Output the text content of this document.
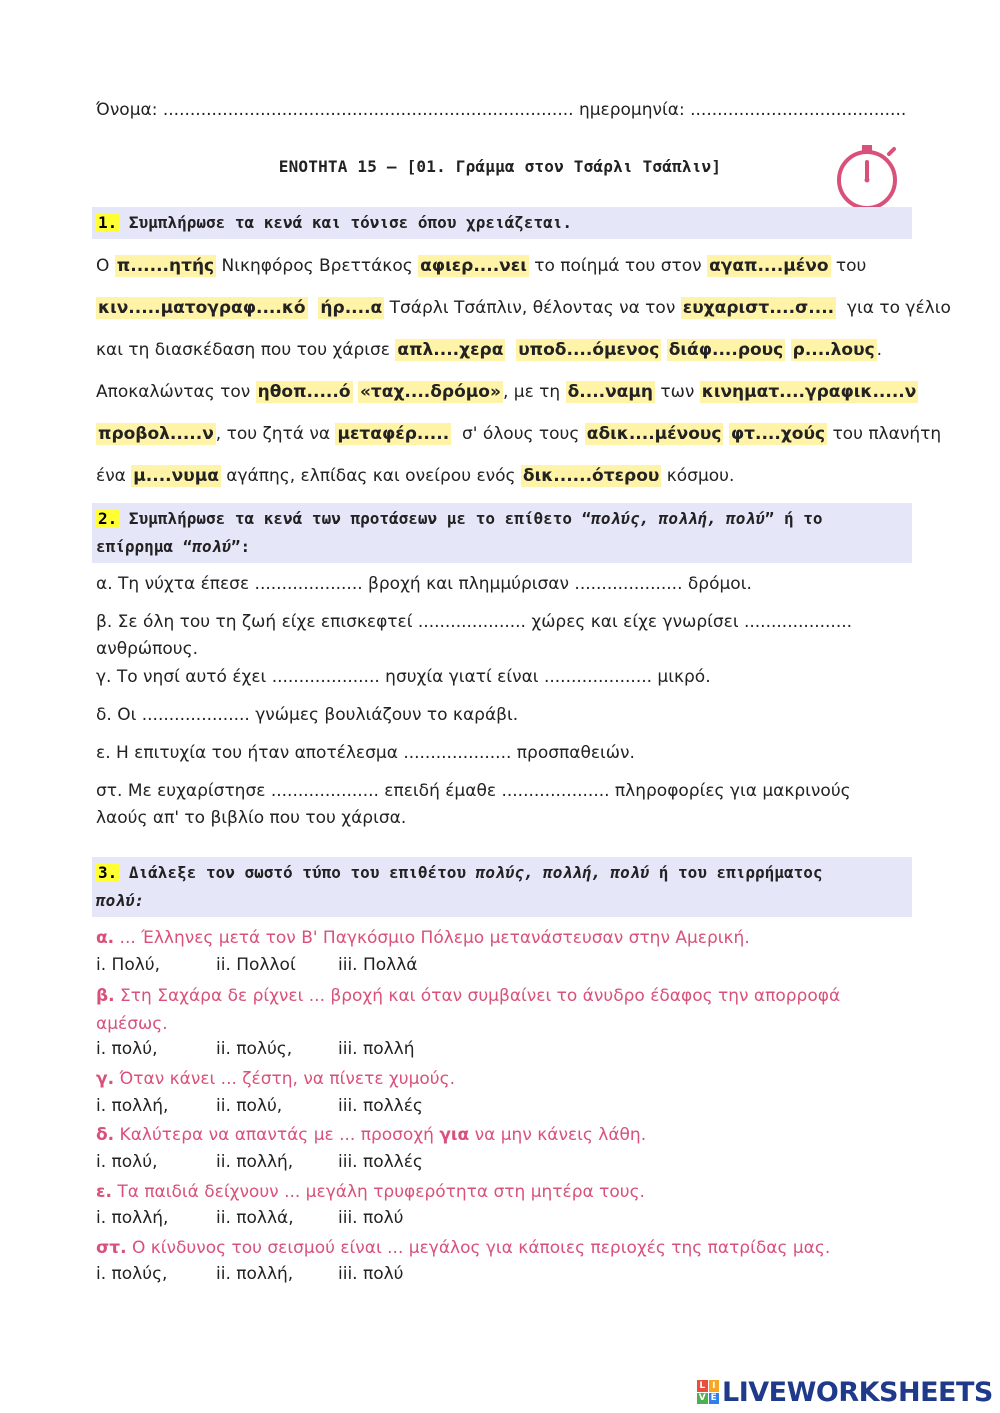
Όνομα: ............................................................................ ημερομηνία: ........................................
ΕΝΟΤΗΤΑ 15 – [01. Γράμμα στον Τσάρλι Τσάπλιν]
1. Συμπλήρωσε τα κενά και τόνισε όπου χρειάζεται.
Ο π......ητής Νικηφόρος Βρεττάκος αφιερ....νει το ποίημά του στον αγαπ....μένο του
κιν.....ματογραφ....κό ήρ....α Τσάρλι Τσάπλιν, θέλοντας να τον ευχαριστ....σ....  για το γέλιο
και τη διασκέδαση που του χάρισε απλ....χερα υποδ....όμενος διάφ....ρους ρ....λους .
Αποκαλώντας τον ηθοπ.....ό «ταχ....δρόμο» , με τη δ....ναμη των κινηματ....γραφικ.....ν
προβολ.....ν , του ζητά να μεταφέρ.....  σ' όλους τους αδικ....μένους φτ....χούς του πλανήτη
ένα μ....νυμα αγάπης, ελπίδας και ονείρου ενός δικ......ότερου κόσμου.
2. Συμπλήρωσε τα κενά των προτάσεων με το επίθετο “πολύς, πολλή, πολύ” ή το
επίρρημα “πολύ”:
α. Τη νύχτα έπεσε .................... βροχή και πλημμύρισαν .................... δρόμοι.
β. Σε όλη του τη ζωή είχε επισκεφτεί .................... χώρες και είχε γνωρίσει .................... ανθρώπους.
γ. Το νησί αυτό έχει .................... ησυχία γιατί είναι .................... μικρό.
δ. Οι .................... γνώμες βουλιάζουν το καράβι.
ε. Η επιτυχία του ήταν αποτέλεσμα .................... προσπαθειών.
στ. Με ευχαρίστησε .................... επειδή έμαθε .................... πληροφορίες για μακρινούς λαούς απ' το βιβλίο που του χάρισα.
3. Διάλεξε τον σωστό τύπο του επιθέτου πολύς, πολλή, πολύ ή του επιρρήματος
πολύ:
α. ... Έλληνες μετά τον Β' Παγκόσμιο Πόλεμο μετανάστευσαν στην Αμερική.
i. Πολύ,	ii. Πολλοί iii. Πολλά
β. Στη Σαχάρα δε ρίχνει ... βροχή και όταν συμβαίνει το άνυδρο έδαφος την απορροφά αμέσως.
i. πολύ,	ii. πολύς,	iii. πολλή
γ. Όταν κάνει ... ζέστη, να πίνετε χυμούς.
i. πολλή,	ii. πολύ,	iii. πολλές
δ. Καλύτερα να απαντάς με ... προσοχή για να μην κάνεις λάθη.
i. πολύ,	ii. πολλή,	iii. πολλές
ε. Τα παιδιά δείχνουν ... μεγάλη τρυφερότητα στη μητέρα τους.
i. πολλή,	ii. πολλά,	iii. πολύ
στ. Ο κίνδυνος του σεισμού είναι ... μεγάλος για κάποιες περιοχές της πατρίδας μας.
i. πολύς,	ii. πολλή,	iii. πολύ
L I
V E LIVEWORKSHEETS
